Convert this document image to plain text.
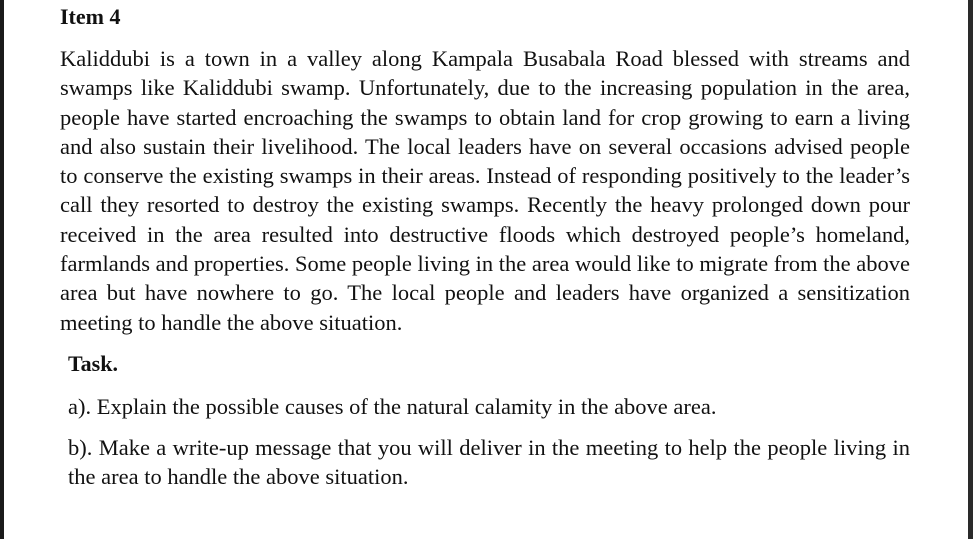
Item 4
Kaliddubi is a town in a valley along Kampala Busabala Road blessed with streams and swamps like Kaliddubi swamp. Unfortunately, due to the increasing population in the area, people have started encroaching the swamps to obtain land for crop growing to earn a living and also sustain their livelihood. The local leaders have on several occasions advised people to conserve the existing swamps in their areas. Instead of responding positively to the leader’s call they resorted to destroy the existing swamps. Recently the heavy prolonged down pour received in the area resulted into destructive floods which destroyed people’s homeland, farmlands and properties. Some people living in the area would like to migrate from the above area but have nowhere to go. The local people and leaders have organized a sensitization meeting to handle the above situation.
Task.
a). Explain the possible causes of the natural calamity in the above area.
b). Make a write-up message that you will deliver in the meeting to help the people living in the area to handle the above situation.
